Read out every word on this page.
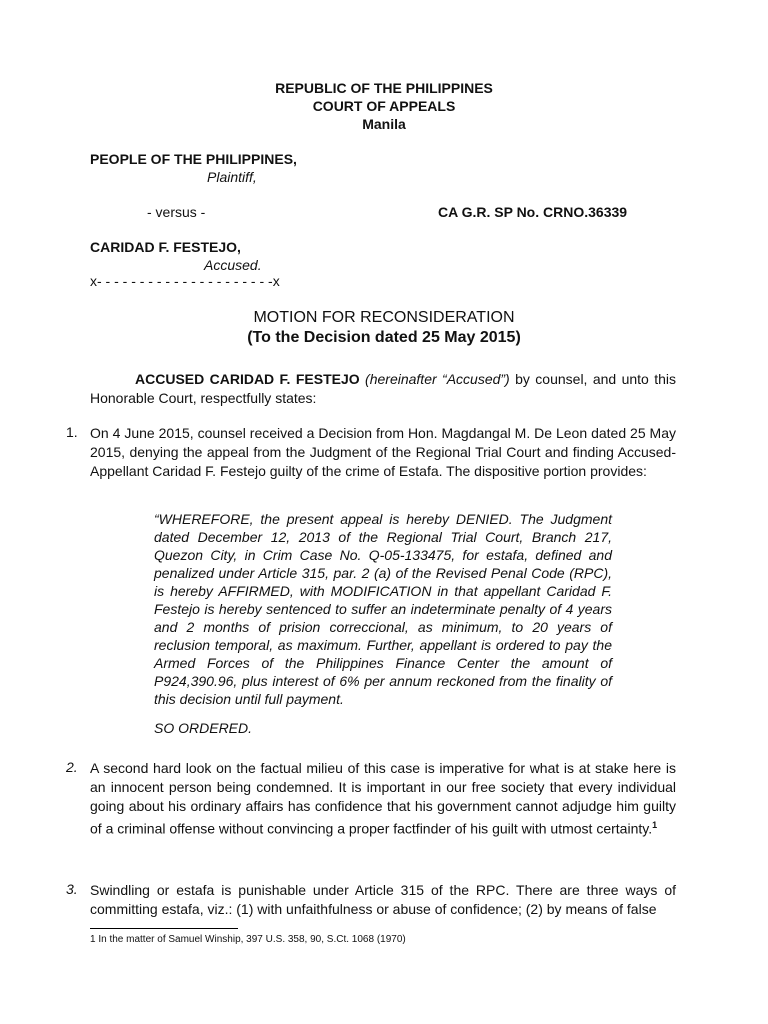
REPUBLIC OF THE PHILIPPINES
COURT OF APPEALS
Manila
PEOPLE OF THE PHILIPPINES,
Plaintiff,
- versus -	CA G.R. SP No. CRNO.36339
CARIDAD F. FESTEJO,
Accused.
x- - - - - - - - - - - - - - - - - - - - -x
MOTION FOR RECONSIDERATION
(To the Decision dated 25 May 2015)
ACCUSED CARIDAD F. FESTEJO (hereinafter “Accused”) by counsel, and unto this Honorable Court, respectfully states:
1. On 4 June 2015, counsel received a Decision from Hon. Magdangal M. De Leon dated 25 May 2015, denying the appeal from the Judgment of the Regional Trial Court and finding Accused-Appellant Caridad F. Festejo guilty of the crime of Estafa. The dispositive portion provides:
“WHEREFORE, the present appeal is hereby DENIED. The Judgment dated December 12, 2013 of the Regional Trial Court, Branch 217, Quezon City, in Crim Case No. Q-05-133475, for estafa, defined and penalized under Article 315, par. 2 (a) of the Revised Penal Code (RPC), is hereby AFFIRMED, with MODIFICATION in that appellant Caridad F. Festejo is hereby sentenced to suffer an indeterminate penalty of 4 years and 2 months of prision correccional, as minimum, to 20 years of reclusion temporal, as maximum. Further, appellant is ordered to pay the Armed Forces of the Philippines Finance Center the amount of P924,390.96, plus interest of 6% per annum reckoned from the finality of this decision until full payment.
SO ORDERED.
2. A second hard look on the factual milieu of this case is imperative for what is at stake here is an innocent person being condemned. It is important in our free society that every individual going about his ordinary affairs has confidence that his government cannot adjudge him guilty of a criminal offense without convincing a proper factfinder of his guilt with utmost certainty.$^1$
3. Swindling or estafa is punishable under Article 315 of the RPC. There are three ways of committing estafa, viz.: (1) with unfaithfulness or abuse of confidence; (2) by means of false
1 In the matter of Samuel Winship, 397 U.S. 358, 90, S.Ct. 1068 (1970)
